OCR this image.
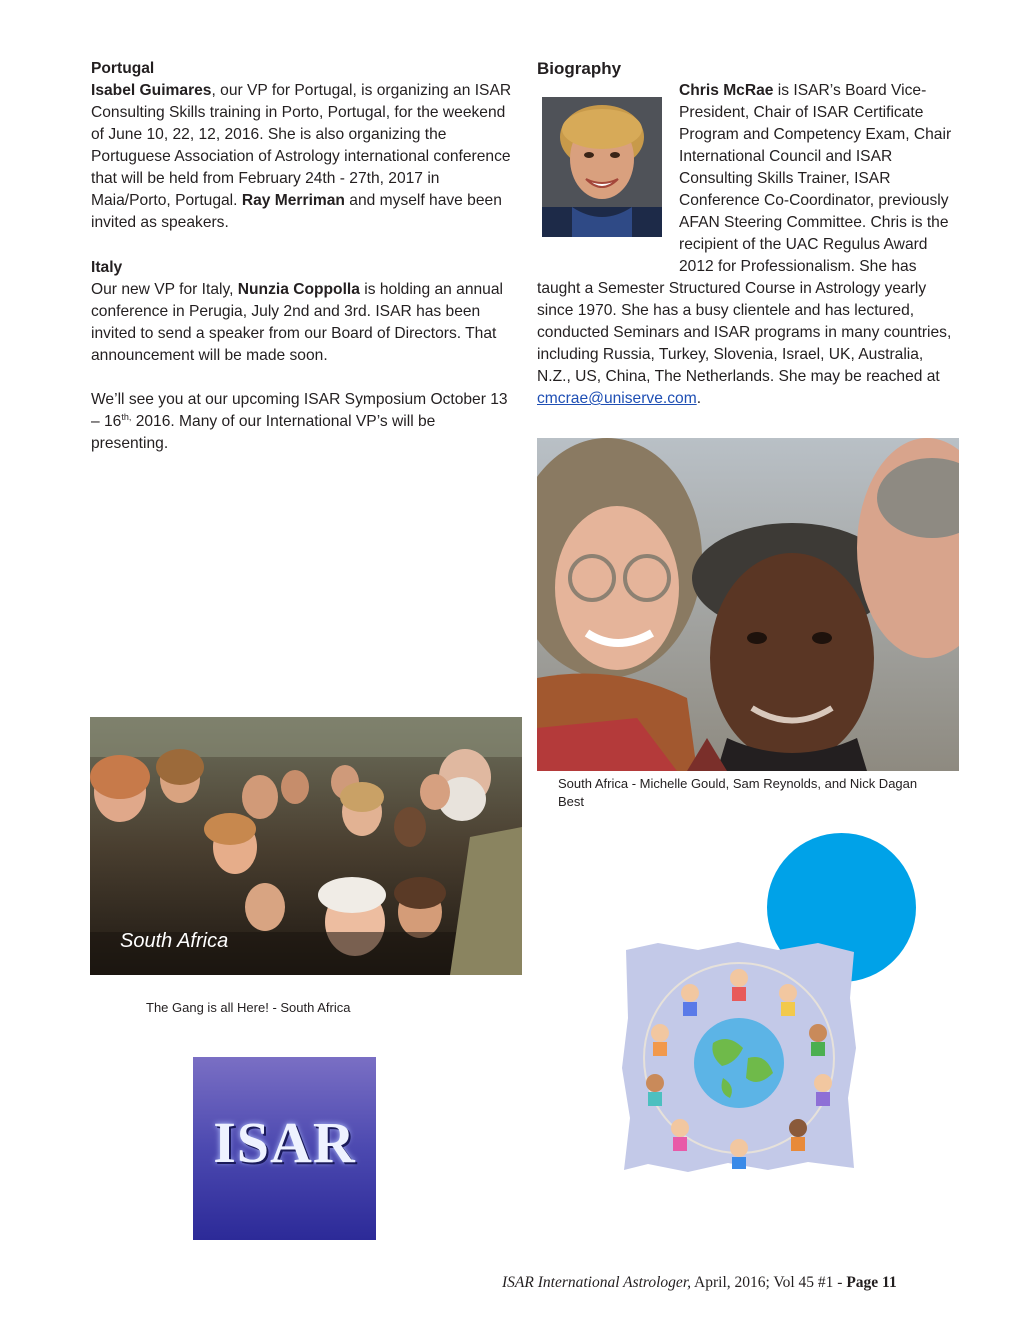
Portugal
Isabel Guimares, our VP for Portugal, is organizing an ISAR Consulting Skills training in Porto, Portugal, for the weekend of June 10, 22, 12, 2016. She is also organizing the Portuguese Association of Astrology international conference that will be held from February 24th - 27th, 2017 in Maia/Porto, Portugal. Ray Merriman and myself have been invited as speakers.
Italy
Our new VP for Italy, Nunzia Coppolla is holding an annual conference in Perugia, July 2nd and 3rd. ISAR has been invited to send a speaker from our Board of Directors. That announcement will be made soon.
We’ll see you at our upcoming ISAR Symposium October $13 - 16^{th,}$ 2016. Many of our International VP’s will be presenting.
South Africa
The Gang is all Here! - South Africa
ISAR
Biography
Chris McRae is ISAR’s Board Vice-President, Chair of ISAR Certificate Program and Competency Exam, Chair International Council and ISAR Consulting Skills Trainer, ISAR Conference Co-Coordinator, previously AFAN Steering Committee. Chris is the recipient of the UAC Regulus Award 2012 for Professionalism. She has taught a Semester Structured Course in Astrology yearly since 1970. She has a busy clientele and has lectured, conducted Seminars and ISAR programs in many countries, including Russia, Turkey, Slovenia, Israel, UK, Australia, N.Z., US, China, The Netherlands. She may be reached at cmcrae@uniserve.com.
South Africa - Michelle Gould, Sam Reynolds, and Nick Dagan Best
ISAR International Astrologer, April, 2016; Vol 45 #1 - Page 11
